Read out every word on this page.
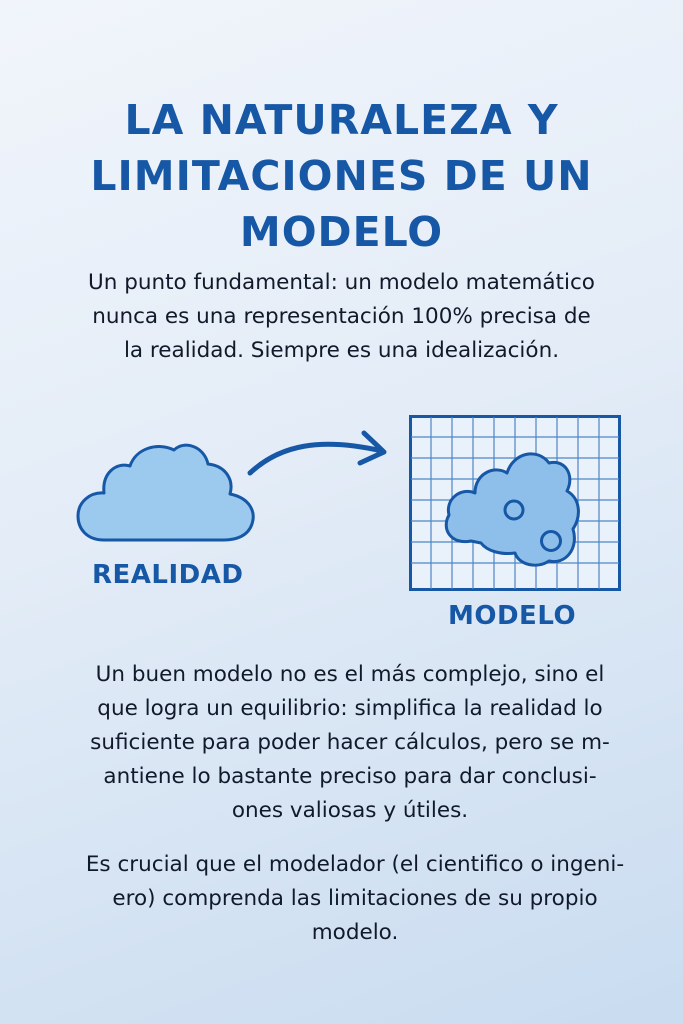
LA NATURALEZA Y
LIMITACIONES DE UN
MODELO
Un punto fundamental: un modelo matemático
nunca es una representación 100% precisa de
la realidad. Siempre es una idealización.
REALIDAD
MODELO
Un buen modelo no es el más complejo, sino el
que logra un equilibrio: simplifica la realidad lo
suficiente para poder hacer cálculos, pero se m-
antiene lo bastante preciso para dar conclusi-
ones valiosas y útiles.
Es crucial que el modelador (el cientifico o ingeni-
ero) comprenda las limitaciones de su propio
modelo.
